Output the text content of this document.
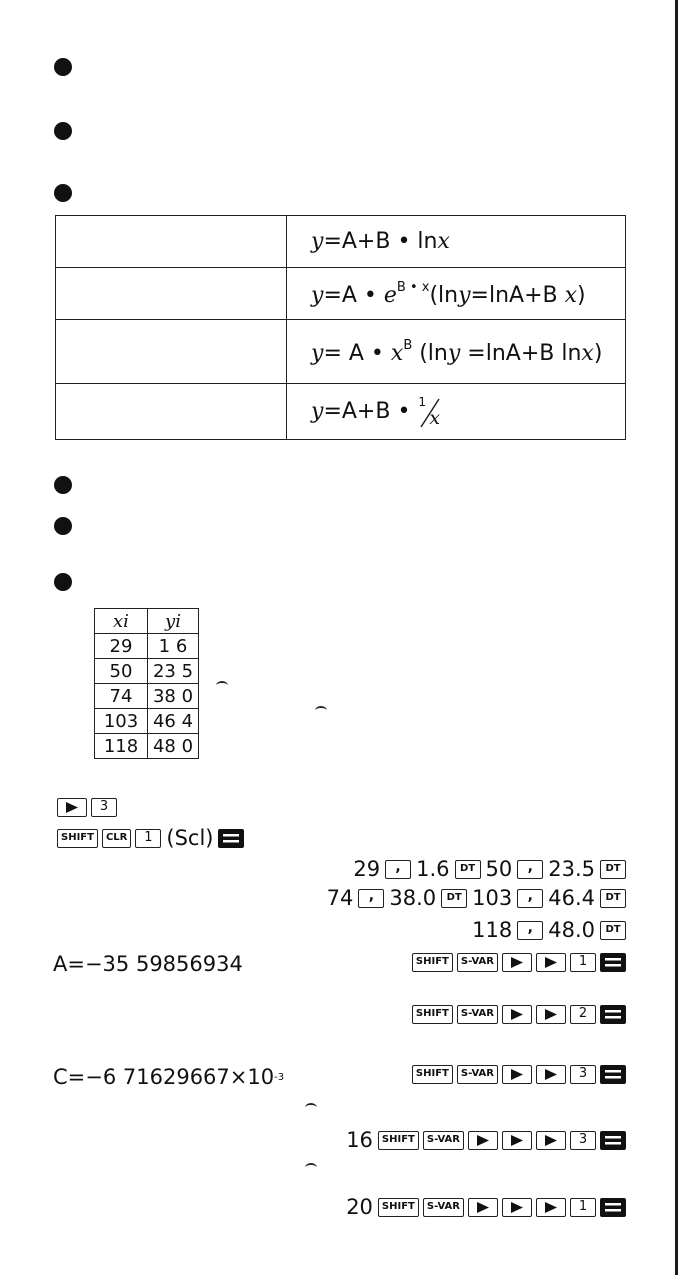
	y=A+B • lnx
	y=A • $e^{B • x}(\ln y=\ln A+B$ x)
	y= A • $x^B$ (lny =lnA+B lnx)
	y=A+B • 1
x
xi	yi
29	1 6
50	23 5
74	38 0
103	46 4
118	48 0
3
SHIFT	CLR	1 (Scl)
29	, 1.6	DT 50	, 23.5	DT
74	, 38.0	DT 103	, 46.4	DT
118	, 48.0	DT
A=−35 59856934	SHIFT	S-VAR	1
SHIFT	S-VAR	2
C=−6 71629667×10 -3	SHIFT	S-VAR	3
16 SHIFT	S-VAR	3
20 SHIFT	S-VAR	1
